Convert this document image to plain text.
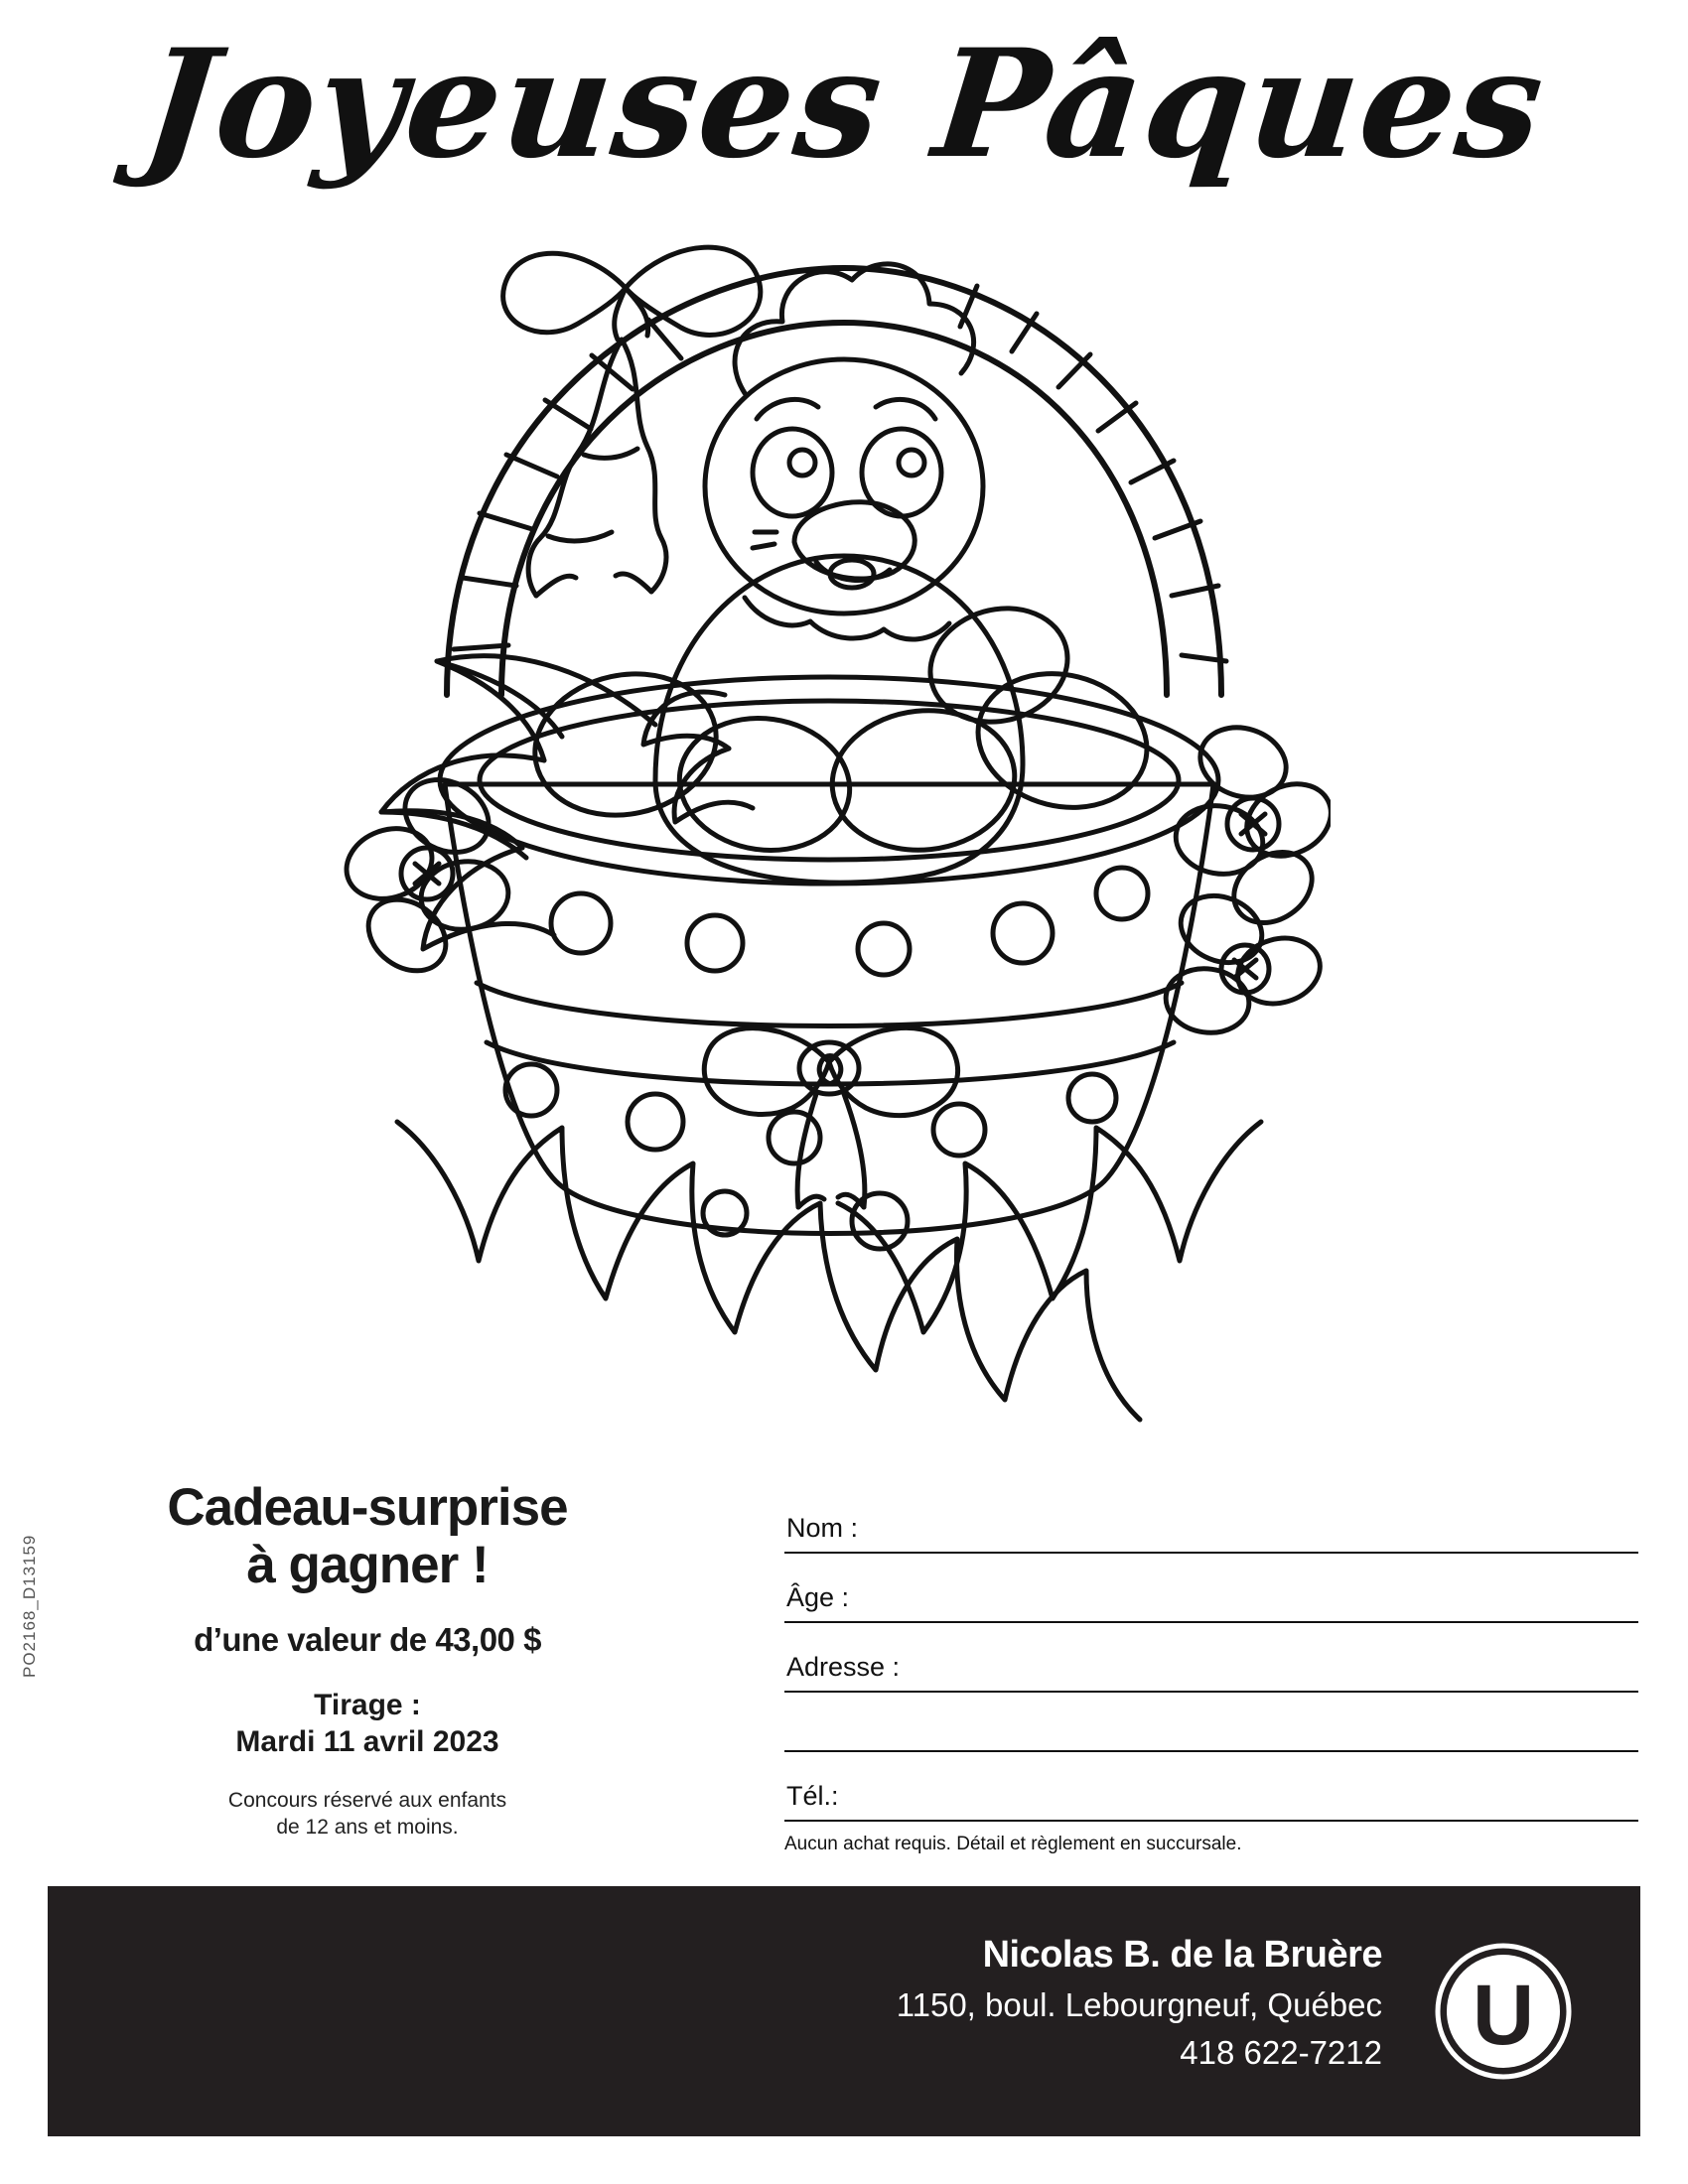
Joyeuses Pâques
PO2168_D13159
Cadeau-surprise
à gagner !
d’une valeur de 43,00 $
Tirage :
Mardi 11 avril 2023
Concours réservé aux enfants
de 12 ans et moins.
Nom :
Âge :
Adresse :
Tél.:
Aucun achat requis. Détail et règlement en succursale.
Nicolas B. de la Bruère
1150, boul. Lebourgneuf, Québec
418 622-7212 U
